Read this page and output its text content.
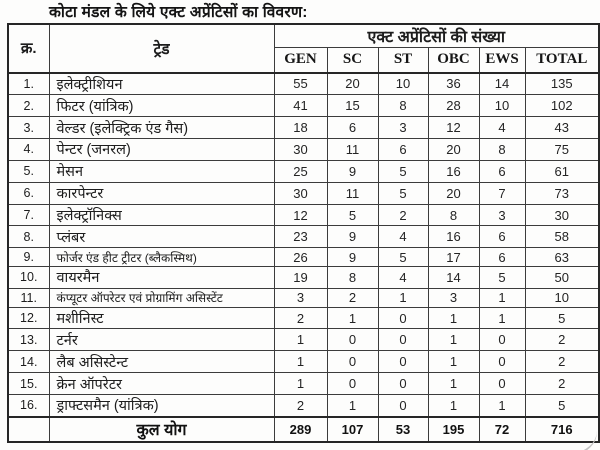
कोटा मंडल के लिये एक्ट अप्रेंटिसों का विवरण:
क्र.	ट्रेड	एक्ट अप्रेंटिसों की संख्या					
		GEN	SC	ST	OBC	EWS	TOTAL
1.	इलेक्ट्रीशियन	55	20	10	36	14	135
2.	फिटर (यांत्रिक)	41	15	8	28	10	102
3.	वेल्डर (इलेक्ट्रिक एंड गैस)	18	6	3	12	4	43
4.	पेन्टर (जनरल)	30	11	6	20	8	75
5.	मेसन	25	9	5	16	6	61
6.	कारपेन्टर	30	11	5	20	7	73
7.	इलेक्ट्रॉनिक्स	12	5	2	8	3	30
8.	प्लंबर	23	9	4	16	6	58
9.	फोर्जर एंड हीट ट्रीटर (ब्लैकस्मिथ)	26	9	5	17	6	63
10.	वायरमैन	19	8	4	14	5	50
11.	कंप्यूटर ऑपरेटर एवं प्रोग्रामिंग असिस्टेंट	3	2	1	3	1	10
12.	मशीनिस्ट	2	1	0	1	1	5
13.	टर्नर	1	0	0	1	0	2
14.	लैब असिस्टेन्ट	1	0	0	1	0	2
15.	क्रेन ऑपरेटर	1	0	0	1	0	2
16.	ड्राफ्टसमैन (यांत्रिक)	2	1	0	1	1	5
	कुल योग	289	107	53	195	72	716
